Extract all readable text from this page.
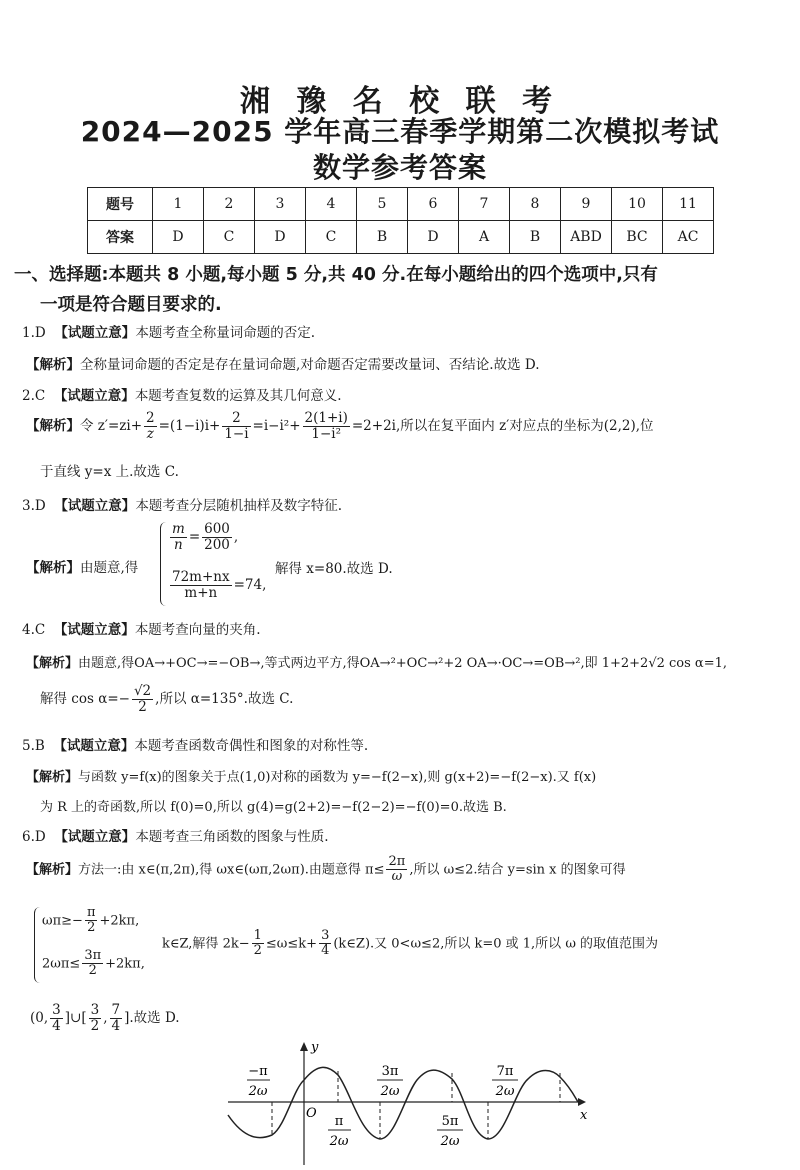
湘 豫 名 校 联 考
2024—2025 学年高三春季学期第二次模拟考试
数学参考答案
题号	1	2	3	4	5	6	7	8	9	10	11
答案	D	C	D	C	B	D	A	B	ABD	BC	AC
一、选择题:本题共 8 小题,每小题 5 分,共 40 分.在每小题给出的四个选项中,只有
一项是符合题目要求的.
1.D 【试题立意】本题考查全称量词命题的否定.
【解析】全称量词命题的否定是存在量词命题,对命题否定需要改量词、否结论.故选 D.
2.C 【试题立意】本题考查复数的运算及其几何意义.
【解析】令 $z'=zi+ \frac{2}{z} =(1-i)i+ \frac{2}{1-i} =i-i^2+ \frac{2(1+i)}{\text{1−i²}} =2+2i$,所以在复平面内 z′对应点的坐标为(2,2),位
于直线 y=x 上.故选 C.
3.D 【试题立意】本题考查分层随机抽样及数字特征.
【解析】由题意,得
$\frac{m}{n} = \frac{600}{200}$ ,
$\frac{72m+nx}{m+n} =74$,
解得 x=80.故选 D.
4.C 【试题立意】本题考查向量的夹角.
【解析】由题意,得OA→+OC→=−OB→,等式两边平方,得OA→²+OC→²+2 OA→·OC→=OB→²,即 1+2+2√2 cos α=1,
解得 $\cos \alpha=- \frac{√2}{2}$ ,所以 α=135°.故选 C.
5.B 【试题立意】本题考查函数奇偶性和图象的对称性等.
【解析】与函数 y=f(x)的图象关于点(1,0)对称的函数为 y=−f(2−x),则 g(x+2)=−f(2−x).又 f(x)
为 R 上的奇函数,所以 f(0)=0,所以 g(4)=g(2+2)=−f(2−2)=−f(0)=0.故选 B.
6.D 【试题立意】本题考查三角函数的图象与性质.
【解析】方法一:由 x∈(π,2π),得 ωx∈(ωπ,2ωπ).由题意得 $\pi\le \frac{2\pi}{\omega}$ ,所以 ω≤2.结合 y=sin x 的图象可得
$\omega\pi\ge- \frac{\pi}{2} +2k\pi$,
$2\omega\pi\le \frac{3\pi}{2} +2k\pi$,
k∈Z,解得 $2k- \frac{1}{2} \le\omega\le k+ \frac{3}{4}$ (k∈Z).又 0<ω≤2,所以 k=0 或 1,所以 ω 的取值范围为
(0, $\frac{3}{4}$ ]∪[ $\frac{3}{2}$ , $\frac{7}{4}$ ].故选 D.
y
x
O
−π
2ω
π
2ω
3π
2ω
5π
2ω
7π
2ω
